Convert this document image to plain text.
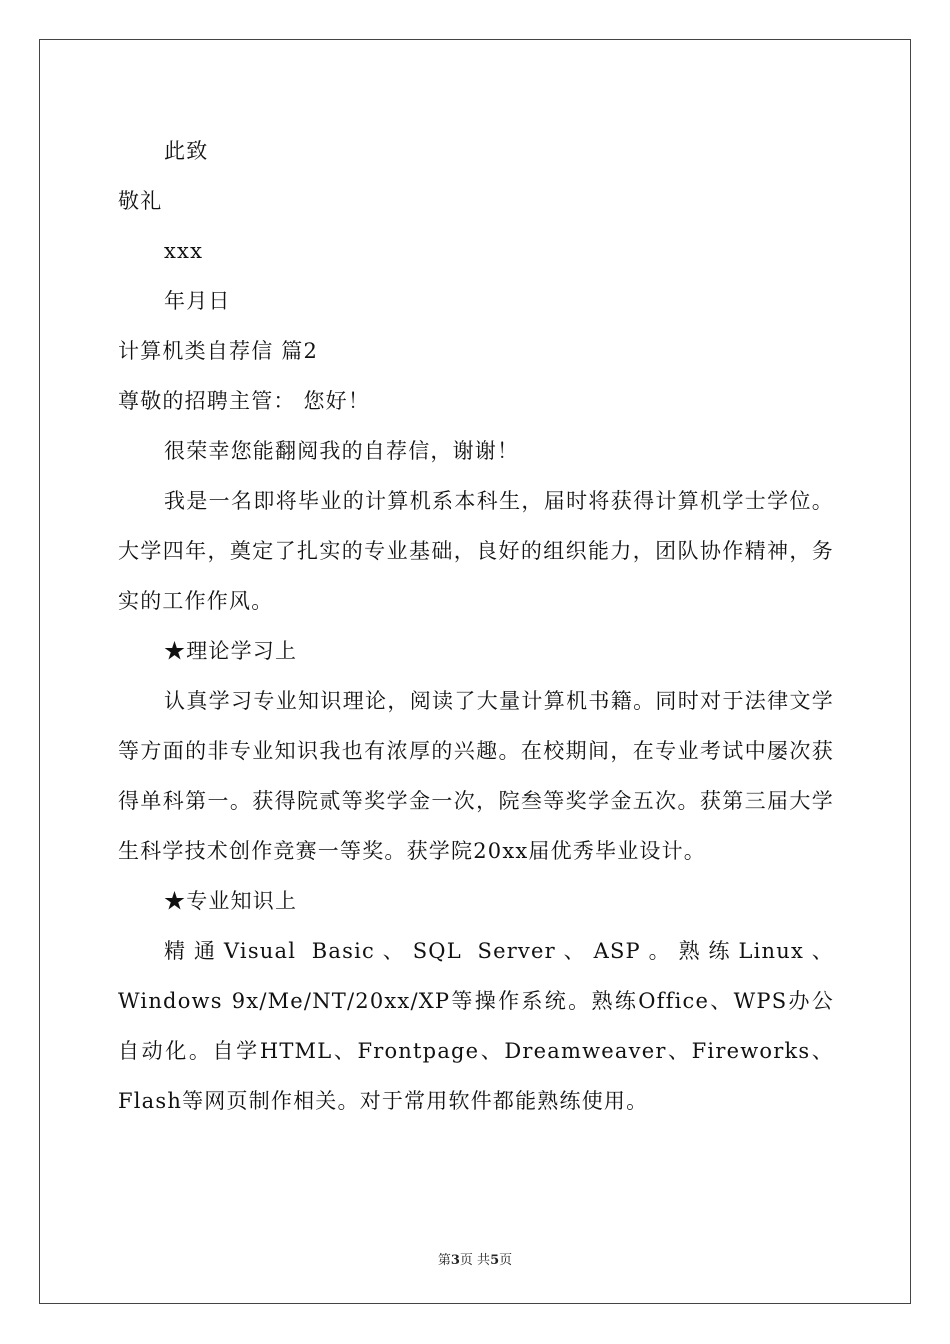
此致
敬礼
xxx
年月日
计算机类自荐信 篇2
尊敬的招聘主管： 您好！

很荣幸您能翻阅我的自荐信，谢谢！

我是一名即将毕业的计算机系本科生，届时将获得计算机学士学位。大学四年，奠定了扎实的专业基础，良好的组织能力，团队协作精神，务实的工作作风。

★理论学习上

认真学习专业知识理论，阅读了大量计算机书籍。同时对于法律文学等方面的非专业知识我也有浓厚的兴趣。在校期间，在专业考试中屡次获得单科第一。获得院贰等奖学金一次，院叁等奖学金五次。获第三届大学生科学技术创作竞赛一等奖。获学院20xx届优秀毕业设计。

★专业知识上

精通Visual Basic、SQL Server、ASP。熟练Linux、Windows 9x/Me/NT/20xx/XP等操作系统。熟练Office、WPS办公自动化。自学HTML、Frontpage、Dreamweaver、Fireworks、Flash等网页制作相关。对于常用软件都能熟练使用。

第3页 共5页
